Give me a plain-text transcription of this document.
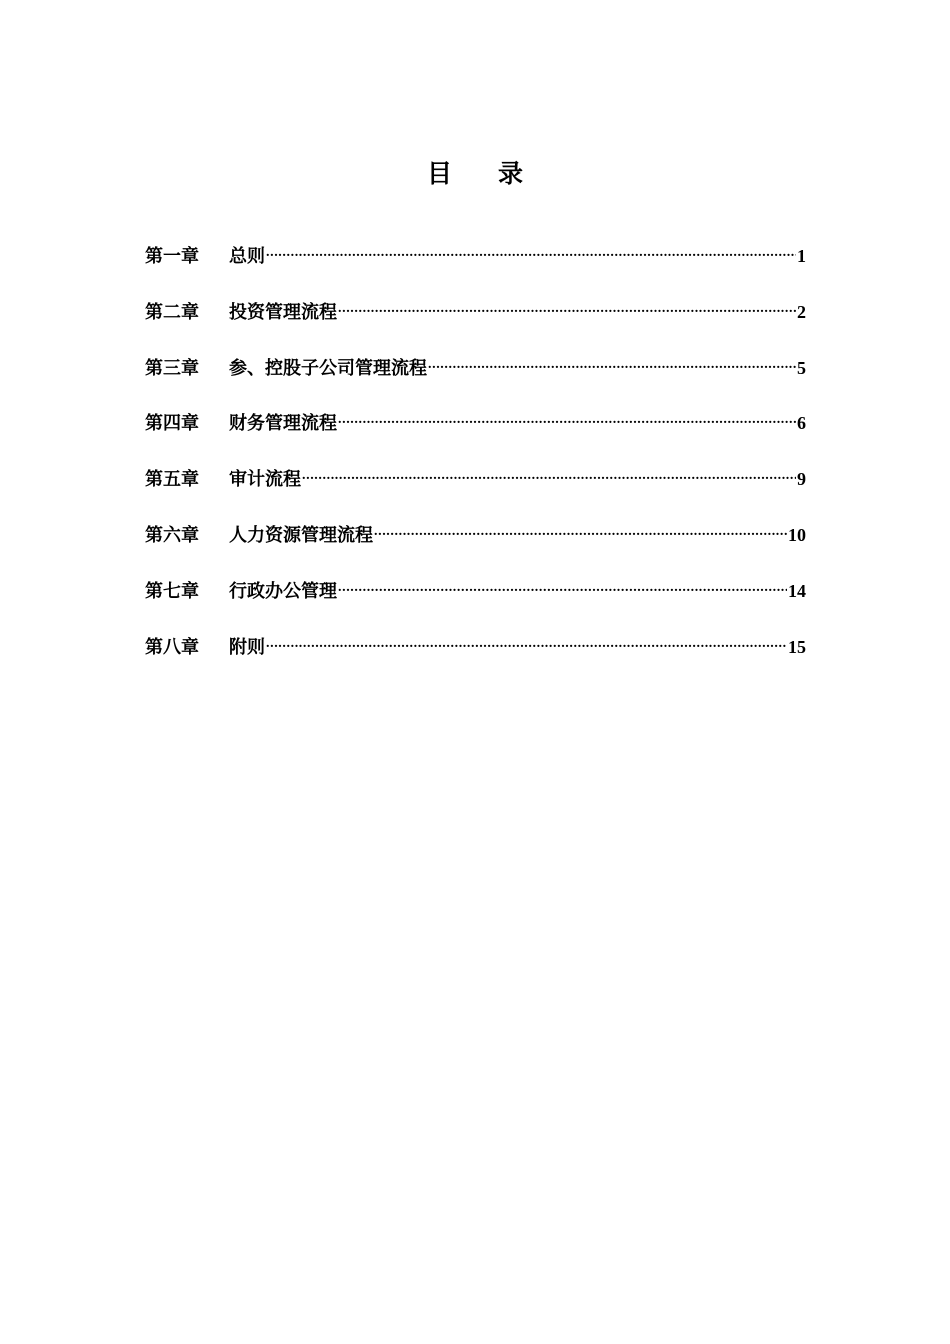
目 录
第一章	总则 .....	1
第二章	投资管理流程 .....	2
第三章	参、控股子公司管理流程 .....	5
第四章	财务管理流程 .....	6
第五章	审计流程 .....	9
第六章	人力资源管理流程 .....	10
第七章	行政办公管理 .....	14
第八章	附则 .....	15
